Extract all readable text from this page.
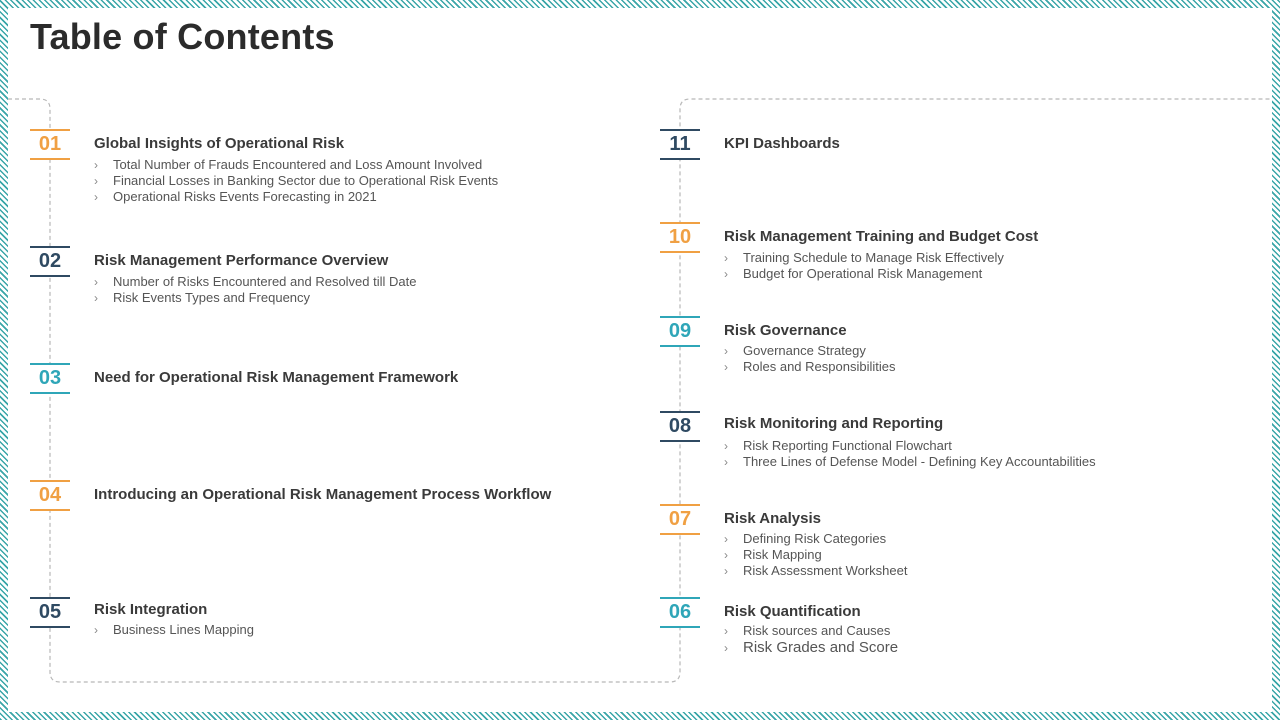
Table of Contents
01	Global Insights of Operational Risk
› Total Number of Frauds Encountered and Loss Amount Involved
› Financial Losses in Banking Sector due to Operational Risk Events
› Operational Risks Events Forecasting in 2021
02	Risk Management Performance Overview
› Number of Risks Encountered and Resolved till Date
› Risk Events Types and Frequency
03	Need for Operational Risk Management Framework
04	Introducing an Operational Risk Management Process Workflow
05	Risk Integration
› Business Lines Mapping
11	KPI Dashboards
10	Risk Management Training and Budget Cost
› Training Schedule to Manage Risk Effectively
› Budget for Operational Risk Management
09	Risk Governance
› Governance Strategy
› Roles and Responsibilities
08	Risk Monitoring and Reporting
› Risk Reporting Functional Flowchart
› Three Lines of Defense Model - Defining Key Accountabilities
07	Risk Analysis
› Defining Risk Categories
› Risk Mapping
› Risk Assessment Worksheet
06	Risk Quantification
› Risk sources and Causes
› Risk Grades and Score
